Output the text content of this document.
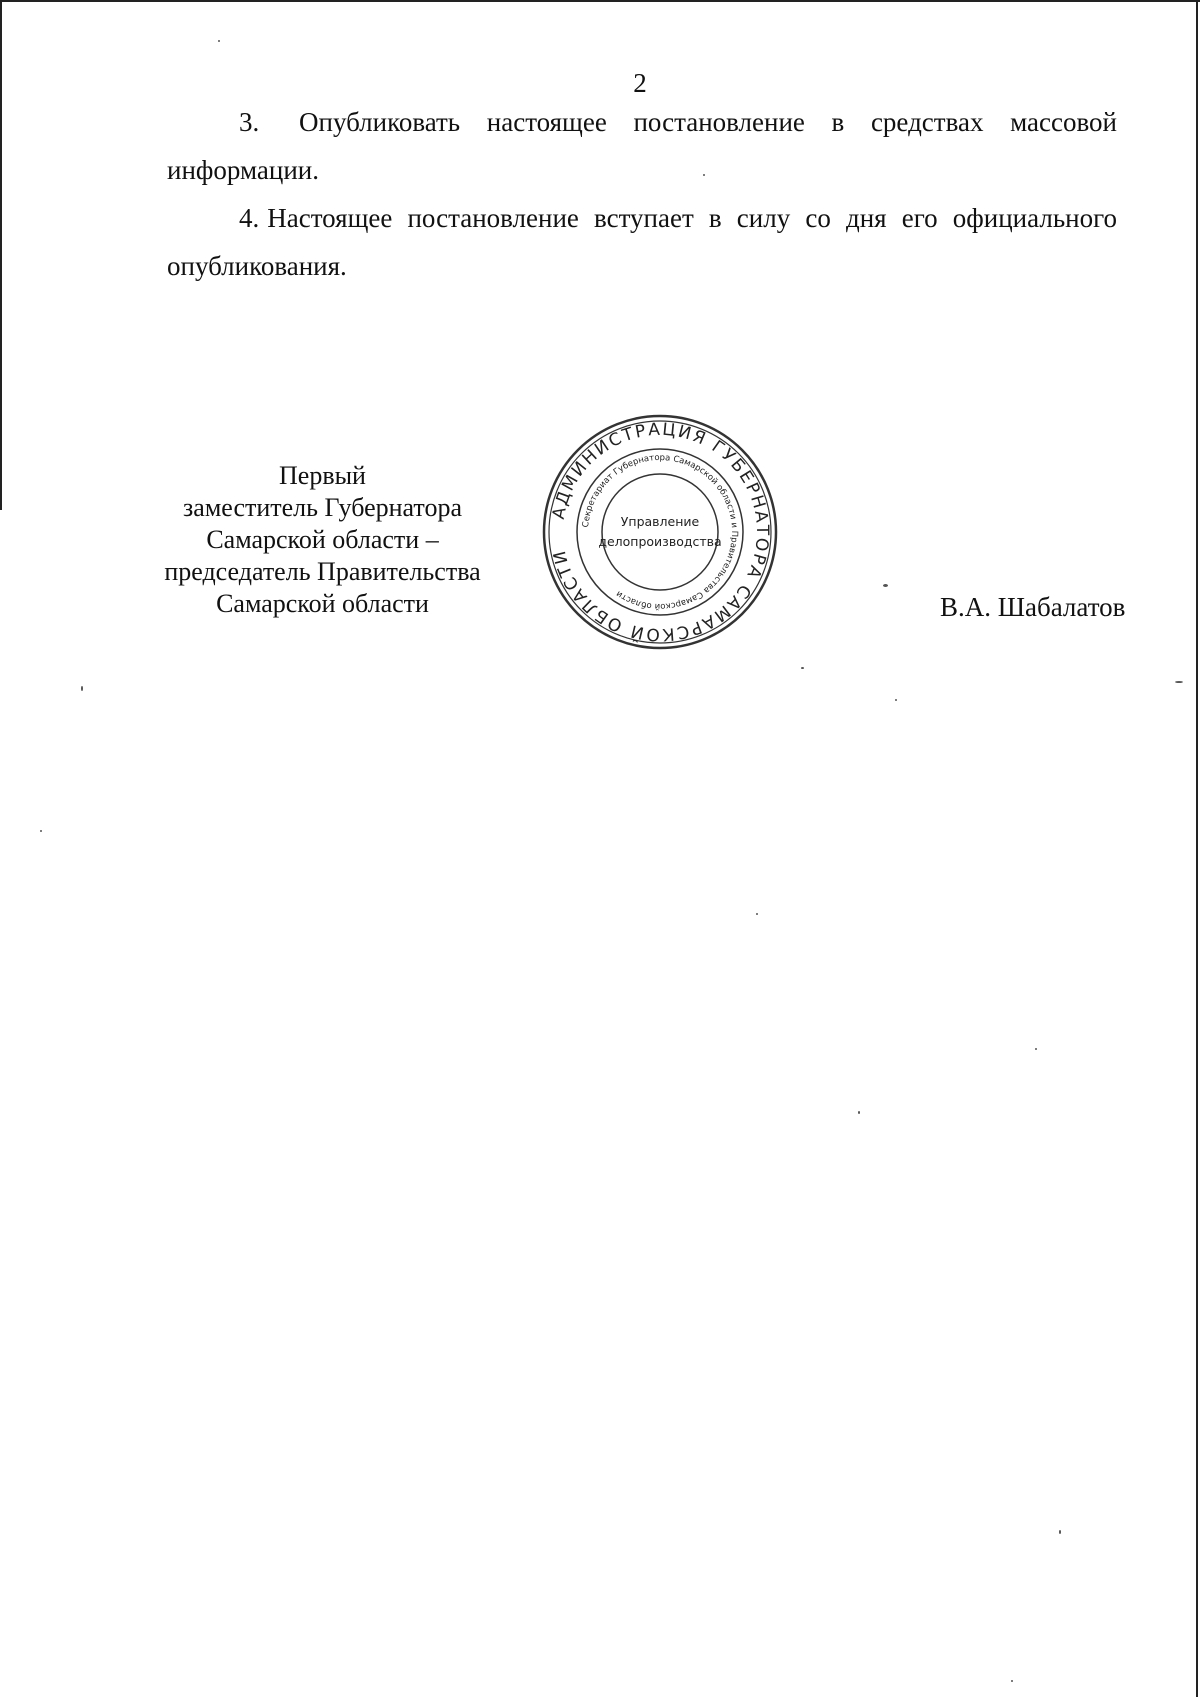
2

3. Опубликовать настоящее постановление в средствах массовой информации.

4. Настоящее постановление вступает в силу со дня его официального опубликования.

Первый
заместитель Губернатора
Самарской области –
председатель Правительства
Самарской области
АДМИНИСТРАЦИЯ ГУБЕРНАТОРА САМАРСКОЙ ОБЛАСТИ
Секретариат Губернатора Самарской области и Правительства Самарской области
Управление
делопроизводства
В.А. Шабалатов
